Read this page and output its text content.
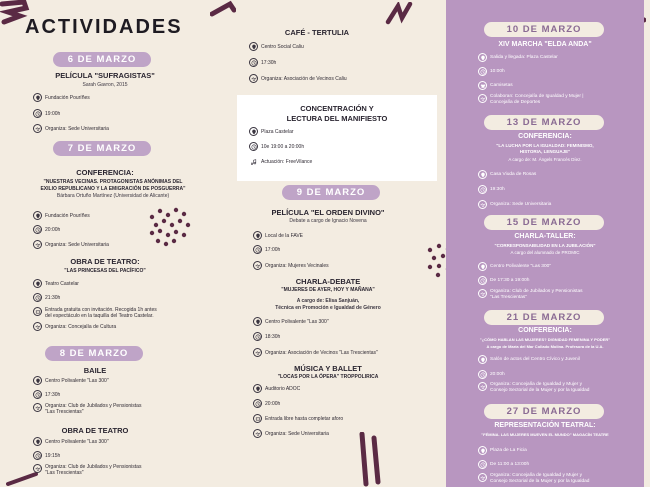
ACTIVIDADES
6 DE MARZO
PELÍCULA "SUFRAGISTAS"
Sarah Gavron, 2015
Fundación Pouríñes
19:00h
Organiza: Sede Universitaria
7 DE MARZO
CONFERENCIA:
"NUESTRAS VECINAS. PROTAGONISTAS ANÓNIMAS DEL
EXILIO REPUBLICANO Y LA EMIGRACIÓN DE POSGUERRA"
Bárbara Ortuño Martínez (Universidad de Alicante)
Fundación Pouríñes
20:00h
Organiza: Sede Universitaria
OBRA DE TEATRO:
"LAS PRINCESAS DEL PACÍFICO"
Teatro Castelar
21:30h
Entrada gratuita con invitación. Recogida 1h antes
del espectáculo en la taquilla del Teatro Castelar.
Organiza: Concejalía de Cultura
8 DE MARZO
BAILE
Centro Polivalente "Las 300"
17:30h
Organiza: Club de Jubilados y Pensionistas
"Las Trescientas"
OBRA DE TEATRO
Centro Polivalente "Las 300"
19:15h
Organiza: Club de Jubilados y Pensionistas
"Las Trescientas"
CAFÉ - TERTULIA
Centro Social Caliu
17:30h
Organiza: Asociación de Vecinos Caliu
CONCENTRACIÓN Y
LECTURA DEL MANIFIESTO
Plaza Castelar
10e 19:00 a 20:00h
Actuación: FreeVilance
9 DE MARZO
PELÍCULA "EL ORDEN DIVINO"
Debate a cargo de Ignacio Novena
Local de la FAVE
17:00h
Organiza: Mujeres Vecinales
CHARLA-DEBATE
"MUJERES DE AYER, HOY Y MAÑANA"
A cargo de: Elisa Sanjuán,
Técnica en Promoción e Igualdad de Género
Centro Polivalente "Las 300"
18:30h
Organiza: Asociación de Vecinos "Las Trescientas"
MÚSICA Y BALLET
"LOCAS POR LA ÓPERA" TROPPOLIRICA
Auditorio ADOC
20:00h
Entrada libre hasta completar aforo
Organiza: Sede Universitaria
10 DE MARZO
XIV MARCHA "ELDA ANDA"
Salida y llegada: Plaza Castelar
10:00h
Camisetas
Colaboran: Concejalía de Igualdad y Mujer |
Concejalía de Deportes
13 DE MARZO
CONFERENCIA:
"LA LUCHA POR LA IGUALDAD: FEMINISMO,
HISTORIA, LENGUAJE"
A cargo de: M. Ángels Francés Díez.
Casa Viuda de Rosas
19:30h
Organiza: Sede Universitaria
15 DE MARZO
CHARLA-TALLER:
"CORRESPONSABILIDAD EN LA JUBILACIÓN"
A cargo del alumnado de PROMIC
Centro Polivalente "Las 300"
De 17:30 a 19:00h
Organiza: Club de Jubilados y Pensionistas
"Las Trescientas"
21 DE MARZO
CONFERENCIA:
"¿CÓMO HABLAN LAS MUJERES? DIGNIDAD FEMENINA Y PODER"
A cargo de María del Mar Collado Molina. Profesora de la U.A.
Salón de actos del Centro Cívico y Juvenil
20:00h
Organiza: Concejalía de Igualdad y Mujer y
Consejo Sectorial de la Mujer y por la Igualdad
27 DE MARZO
REPRESENTACIÓN TEATRAL:
"FÉMINA. LAS MUJERES MUEVEN EL MUNDO" MAGACÍN TEATRE
Plaza de La Ficia
De 11:00 a 13:00h
Organiza: Concejalía de Igualdad y Mujer y
Consejo Sectorial de la Mujer y por la Igualdad
